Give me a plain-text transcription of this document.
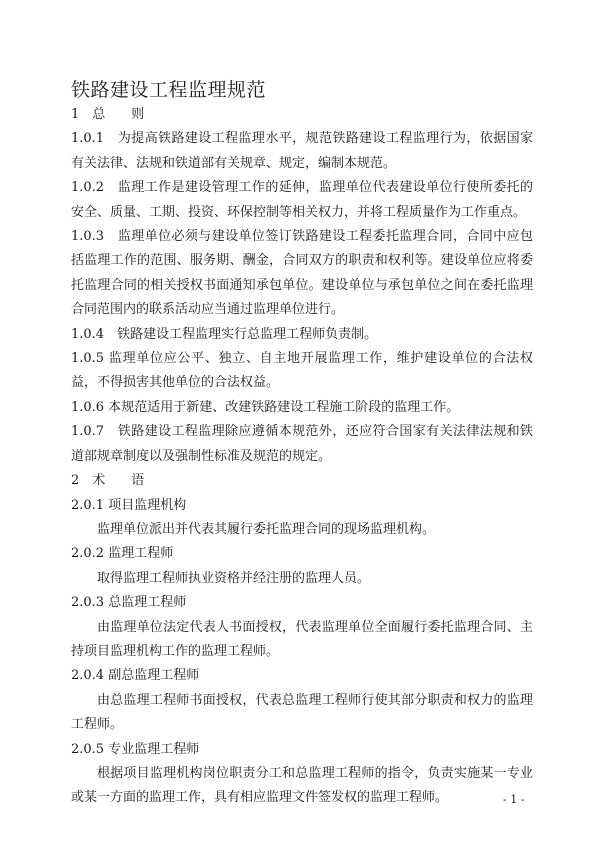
铁路建设工程监理规范

1　总　　则

1.0.1　为提高铁路建设工程监理水平，规范铁路建设工程监理行为，依据国家有关法律、法规和铁道部有关规章、规定，编制本规范。

1.0.2　监理工作是建设管理工作的延伸，监理单位代表建设单位行使所委托的安全、质量、工期、投资、环保控制等相关权力，并将工程质量作为工作重点。

1.0.3　监理单位必须与建设单位签订铁路建设工程委托监理合同，合同中应包括监理工作的范围、服务期、酬金，合同双方的职责和权利等。建设单位应将委托监理合同的相关授权书面通知承包单位。建设单位与承包单位之间在委托监理合同范围内的联系活动应当通过监理单位进行。

1.0.4　铁路建设工程监理实行总监理工程师负责制。

1.0.5 监理单位应公平、独立、自主地开展监理工作，维护建设单位的合法权益，不得损害其他单位的合法权益。

1.0.6 本规范适用于新建、改建铁路建设工程施工阶段的监理工作。

1.0.7　铁路建设工程监理除应遵循本规范外，还应符合国家有关法律法规和铁道部规章制度以及强制性标准及规范的规定。

2　术　　语

2.0.1 项目监理机构

监理单位派出并代表其履行委托监理合同的现场监理机构。

2.0.2 监理工程师

取得监理工程师执业资格并经注册的监理人员。

2.0.3 总监理工程师

由监理单位法定代表人书面授权，代表监理单位全面履行委托监理合同、主持项目监理机构工作的监理工程师。

2.0.4 副总监理工程师

由总监理工程师书面授权，代表总监理工程师行使其部分职责和权力的监理工程师。

2.0.5 专业监理工程师

根据项目监理机构岗位职责分工和总监理工程师的指令，负责实施某一专业或某一方面的监理工作，具有相应监理文件签发权的监理工程师。	- 1 -
